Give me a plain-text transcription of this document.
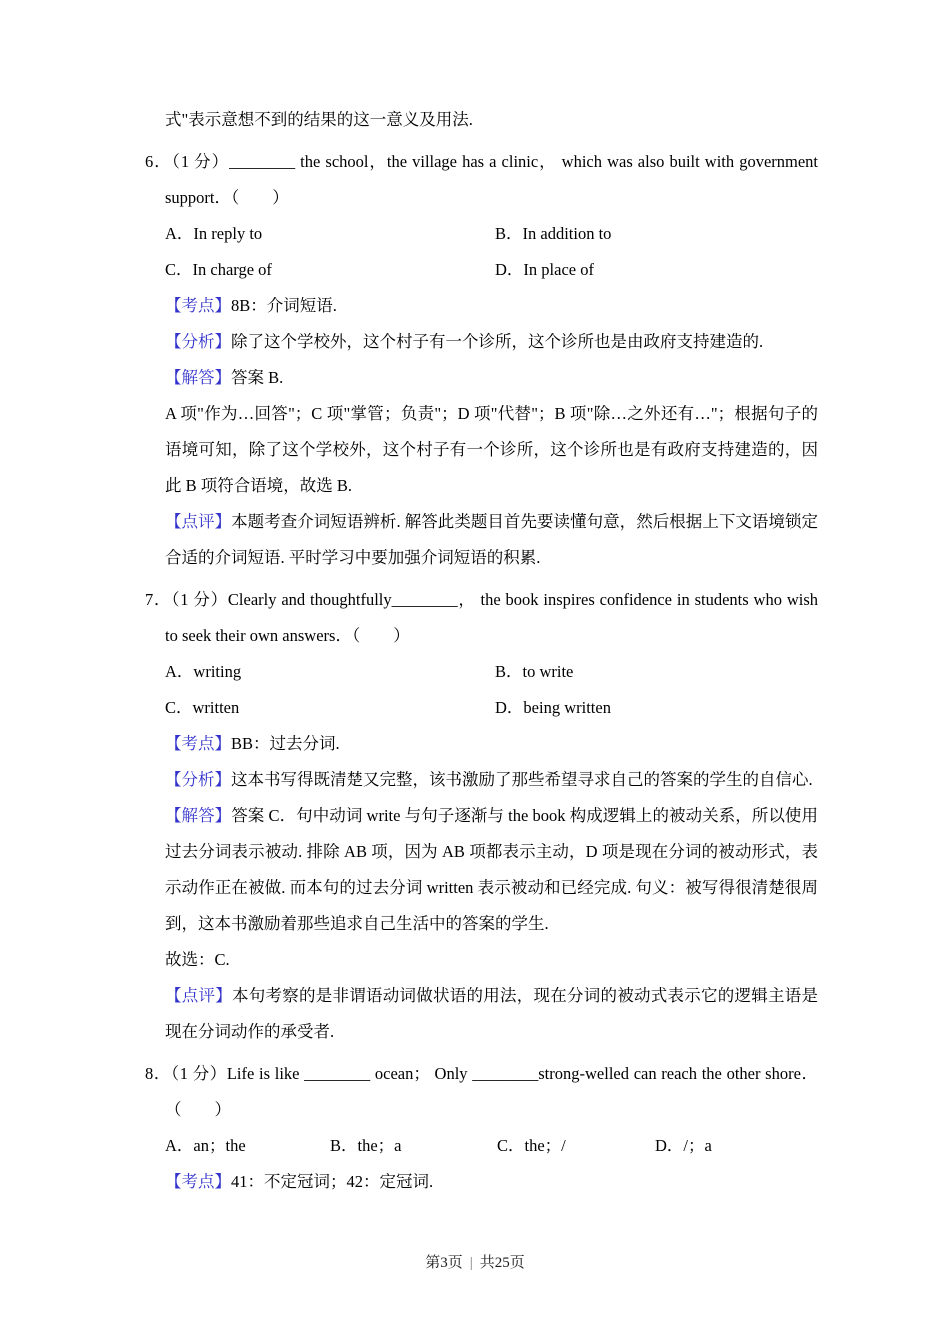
式"表示意想不到的结果的这一意义及用法.

6．（1 分）________ the school，the village has a clinic， which was also built with government support．（　　）

A．In reply to	B．In addition to
C．In charge of	D．In place of

【考点】8B：介词短语.

【分析】除了这个学校外，这个村子有一个诊所，这个诊所也是由政府支持建造的.

【解答】答案 B.

A 项"作为…回答"；C 项"掌管；负责"；D 项"代替"；B 项"除…之外还有…"；根据句子的语境可知，除了这个学校外，这个村子有一个诊所，这个诊所也是有政府支持建造的，因此 B 项符合语境，故选 B.

【点评】本题考查介词短语辨析. 解答此类题目首先要读懂句意，然后根据上下文语境锁定合适的介词短语. 平时学习中要加强介词短语的积累.

7．（1 分）Clearly and thoughtfully________， the book inspires confidence in students who wish to seek their own answers．（　　）

A．writing	B．to write
C．written	D．being written

【考点】BB：过去分词.

【分析】这本书写得既清楚又完整，该书激励了那些希望寻求自己的答案的学生的自信心.

【解答】答案 C．句中动词 write 与句子逐渐与 the book 构成逻辑上的被动关系，所以使用过去分词表示被动. 排除 AB 项，因为 AB 项都表示主动，D 项是现在分词的被动形式，表示动作正在被做. 而本句的过去分词 written 表示被动和已经完成. 句义：被写得很清楚很周到，这本书激励着那些追求自己生活中的答案的学生.

故选：C.

【点评】本句考察的是非谓语动词做状语的用法，现在分词的被动式表示它的逻辑主语是现在分词动作的承受者.

8．（1 分）Life is like ________ ocean； Only ________strong‐welled can reach the other shore．（　　）

A．an；the	B．the；a	C．the；/	D．/；a

【考点】41：不定冠词；42：定冠词.

第3页 | 共25页
